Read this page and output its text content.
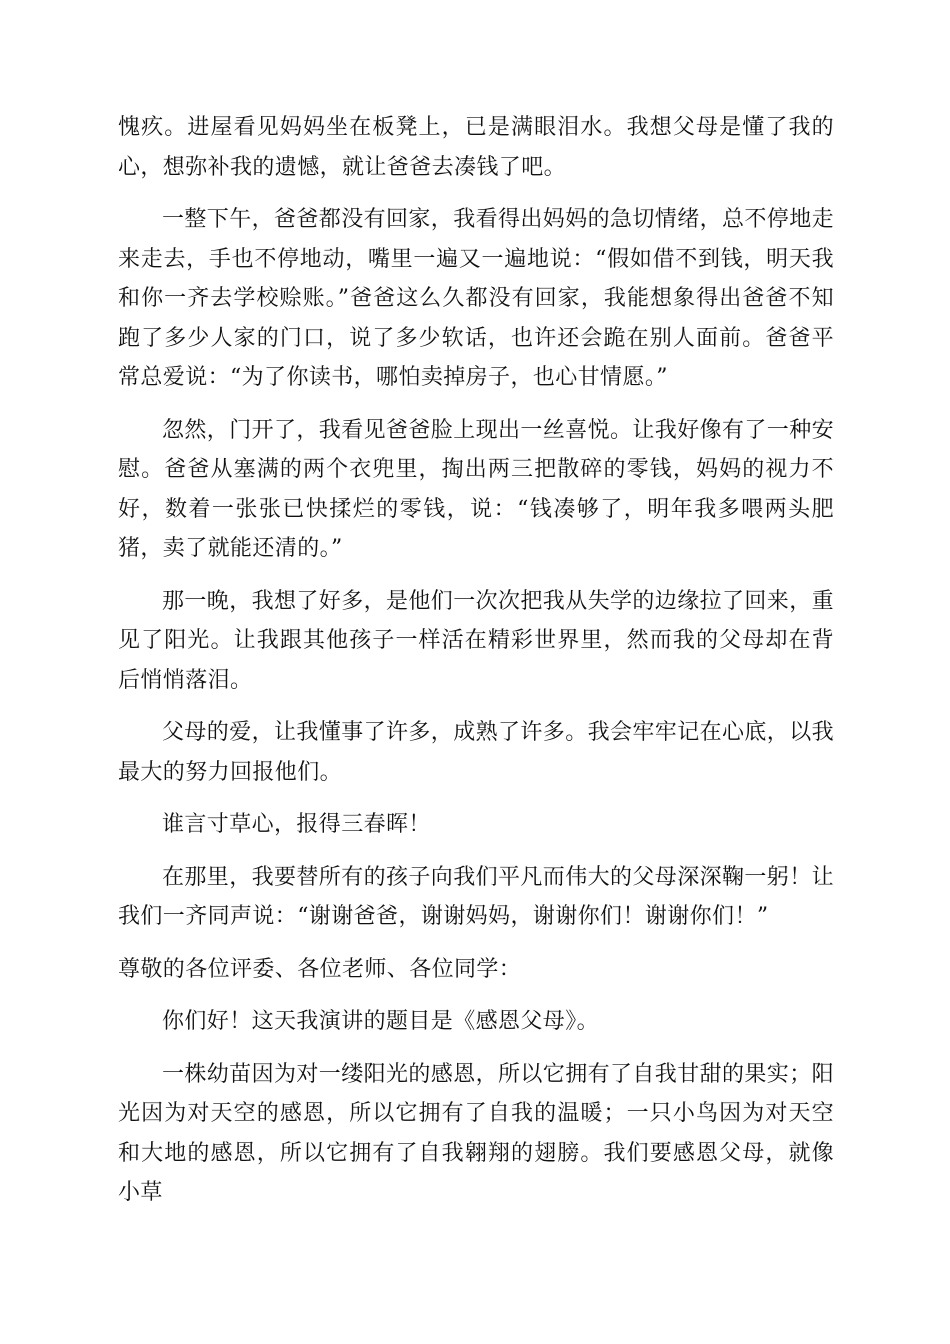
愧疚。进屋看见妈妈坐在板凳上，已是满眼泪水。我想父母是懂了我的心，想弥补我的遗憾，就让爸爸去凑钱了吧。

一整下午，爸爸都没有回家，我看得出妈妈的急切情绪，总不停地走来走去，手也不停地动，嘴里一遍又一遍地说：“假如借不到钱，明天我和你一齐去学校赊账。”爸爸这么久都没有回家，我能想象得出爸爸不知跑了多少人家的门口，说了多少软话，也许还会跪在别人面前。爸爸平常总爱说：“为了你读书，哪怕卖掉房子，也心甘情愿。”

忽然，门开了，我看见爸爸脸上现出一丝喜悦。让我好像有了一种安慰。爸爸从塞满的两个衣兜里，掏出两三把散碎的零钱，妈妈的视力不好，数着一张张已快揉烂的零钱，说：“钱凑够了，明年我多喂两头肥猪，卖了就能还清的。”

那一晚，我想了好多，是他们一次次把我从失学的边缘拉了回来，重见了阳光。让我跟其他孩子一样活在精彩世界里，然而我的父母却在背后悄悄落泪。

父母的爱，让我懂事了许多，成熟了许多。我会牢牢记在心底，以我最大的努力回报他们。

谁言寸草心，报得三春晖！

在那里，我要替所有的孩子向我们平凡而伟大的父母深深鞠一躬！让我们一齐同声说：“谢谢爸爸，谢谢妈妈，谢谢你们！谢谢你们！”

尊敬的各位评委、各位老师、各位同学：

你们好！这天我演讲的题目是《感恩父母》。

一株幼苗因为对一缕阳光的感恩，所以它拥有了自我甘甜的果实；阳光因为对天空的感恩，所以它拥有了自我的温暖；一只小鸟因为对天空和大地的感恩，所以它拥有了自我翱翔的翅膀。我们要感恩父母，就像小草
